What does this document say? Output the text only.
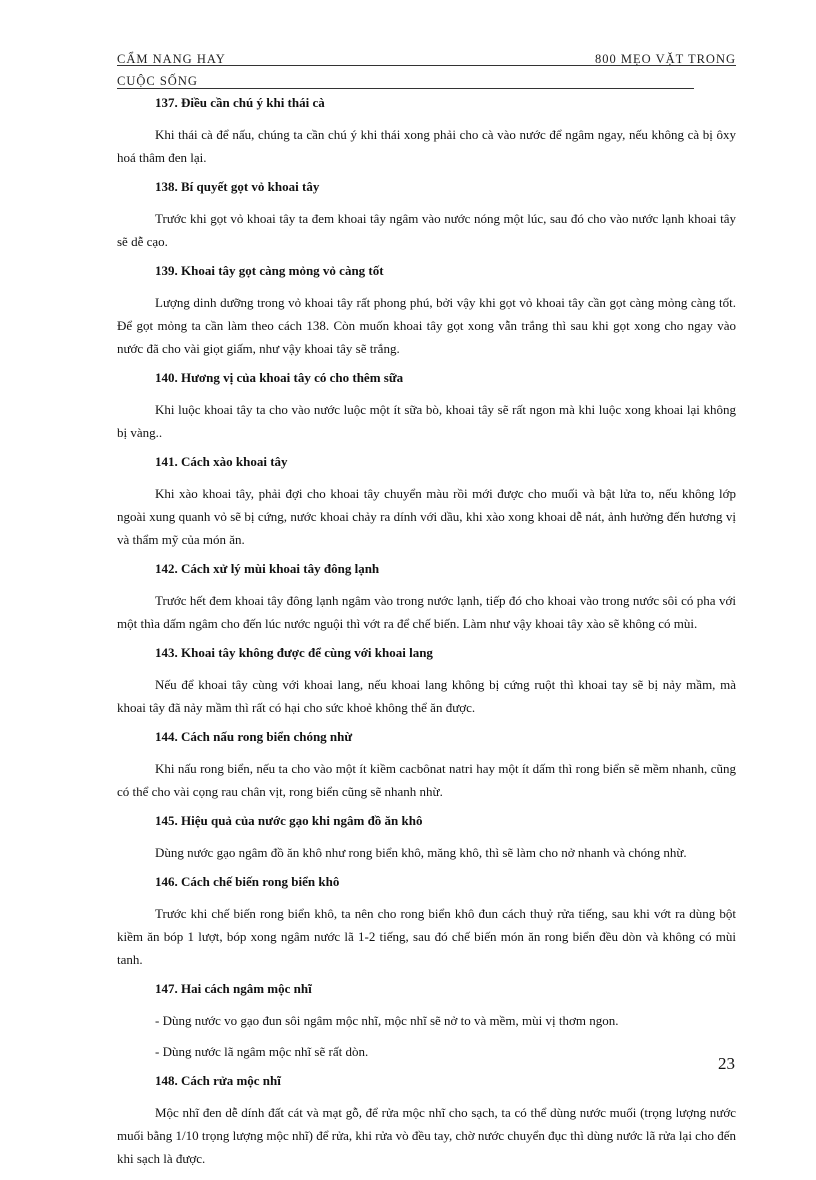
CẨM NANG HAY	800 MẸO VẶT TRONG
CUỘC SỐNG
137. Điều cần chú ý khi thái cà
Khi thái cà để nấu, chúng ta cần chú ý khi thái xong phải cho cà vào nước để ngâm ngay, nếu không cà bị ôxy hoá thâm đen lại.
138. Bí quyết gọt vỏ khoai tây
Trước khi gọt vỏ khoai tây ta đem khoai tây ngâm vào nước nóng một lúc, sau đó cho vào nước lạnh khoai tây sẽ dễ cạo.
139. Khoai tây gọt càng mỏng vỏ càng tốt
Lượng dinh dưỡng trong vỏ khoai tây rất phong phú, bởi vậy khi gọt vỏ khoai tây cần gọt càng mỏng càng tốt. Để gọt mỏng ta cần làm theo cách 138. Còn muốn khoai tây gọt xong vẫn trắng thì sau khi gọt xong cho ngay vào nước đã cho vài giọt giấm, như vậy khoai tây sẽ trắng.
140. Hương vị của khoai tây có cho thêm sữa
Khi luộc khoai tây ta cho vào nước luộc một ít sữa bò, khoai tây sẽ rất ngon mà khi luộc xong khoai lại không bị vàng..
141. Cách xào khoai tây
Khi xào khoai tây, phải đợi cho khoai tây chuyển màu rồi mới được cho muối và bật lửa to, nếu không lớp ngoài xung quanh vỏ sẽ bị cứng, nước khoai chảy ra dính với dầu, khi xào xong khoai dễ nát, ảnh hưởng đến hương vị và thẩm mỹ của món ăn.
142. Cách xử lý mùi khoai tây đông lạnh
Trước hết đem khoai tây đông lạnh ngâm vào trong nước lạnh, tiếp đó cho khoai vào trong nước sôi có pha với một thìa dấm ngâm cho đến lúc nước nguội thì vớt ra để chế biến. Làm như vậy khoai tây xào sẽ không có mùi.
143. Khoai tây không được để cùng với khoai lang
Nếu để khoai tây cùng với khoai lang, nếu khoai lang không bị cứng ruột thì khoai tay sẽ bị nảy mầm, mà khoai tây đã nảy mầm thì rất có hại cho sức khoẻ không thể ăn được.
144. Cách nấu rong biển chóng nhừ
Khi nấu rong biển, nếu ta cho vào một ít kiềm cacbônat natri hay một ít dấm thì rong biển sẽ mềm nhanh, cũng có thể cho vài cọng rau chân vịt, rong biển cũng sẽ nhanh nhừ.
145. Hiệu quả của nước gạo khi ngâm đồ ăn khô
Dùng nước gạo ngâm đồ ăn khô như rong biển khô, măng khô, thì sẽ làm cho nở nhanh và chóng nhừ.
146. Cách chế biến rong biển khô
Trước khi chế biến rong biển khô, ta nên cho rong biển khô đun cách thuỷ rửa tiếng, sau khi vớt ra dùng bột kiềm ăn bóp 1 lượt, bóp xong ngâm nước lã 1-2 tiếng, sau đó chế biến món ăn rong biển đều dòn và không có mùi tanh.
147. Hai cách ngâm mộc nhĩ
- Dùng nước vo gạo đun sôi ngâm mộc nhĩ, mộc nhĩ sẽ nở to và mềm, mùi vị thơm ngon.
- Dùng nước lã ngâm mộc nhĩ sẽ rất dòn.
148. Cách rửa mộc nhĩ
Mộc nhĩ đen dễ dính đất cát và mạt gỗ, để rửa mộc nhĩ cho sạch, ta có thể dùng nước muối (trọng lượng nước muối bằng 1/10 trọng lượng mộc nhĩ) để rửa, khi rửa vò đều tay, chờ nước chuyển đục thì dùng nước lã rửa lại cho đến khi sạch là được.
23
